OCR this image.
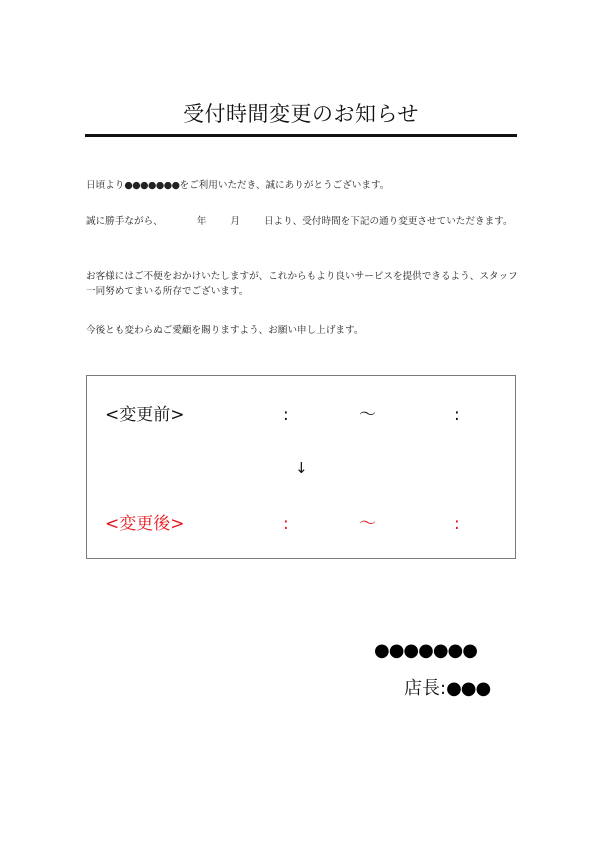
受付時間変更のお知らせ
日頃より●●●●●●●をご利用いただき、誠にありがとうございます。
誠に勝手ながら、	年	月	日より、受付時間を下記の通り変更させていただきます。
お客様にはご不便をおかけいたしますが、これからもより良いサービスを提供できるよう、スタッフ一同努めてまいる所存でございます。
今後とも変わらぬご愛顧を賜りますよう、お願い申し上げます。
<変更前>	:	～	:
↓
<変更後>	:	～	:
●●●●●●●
店長:●●●
